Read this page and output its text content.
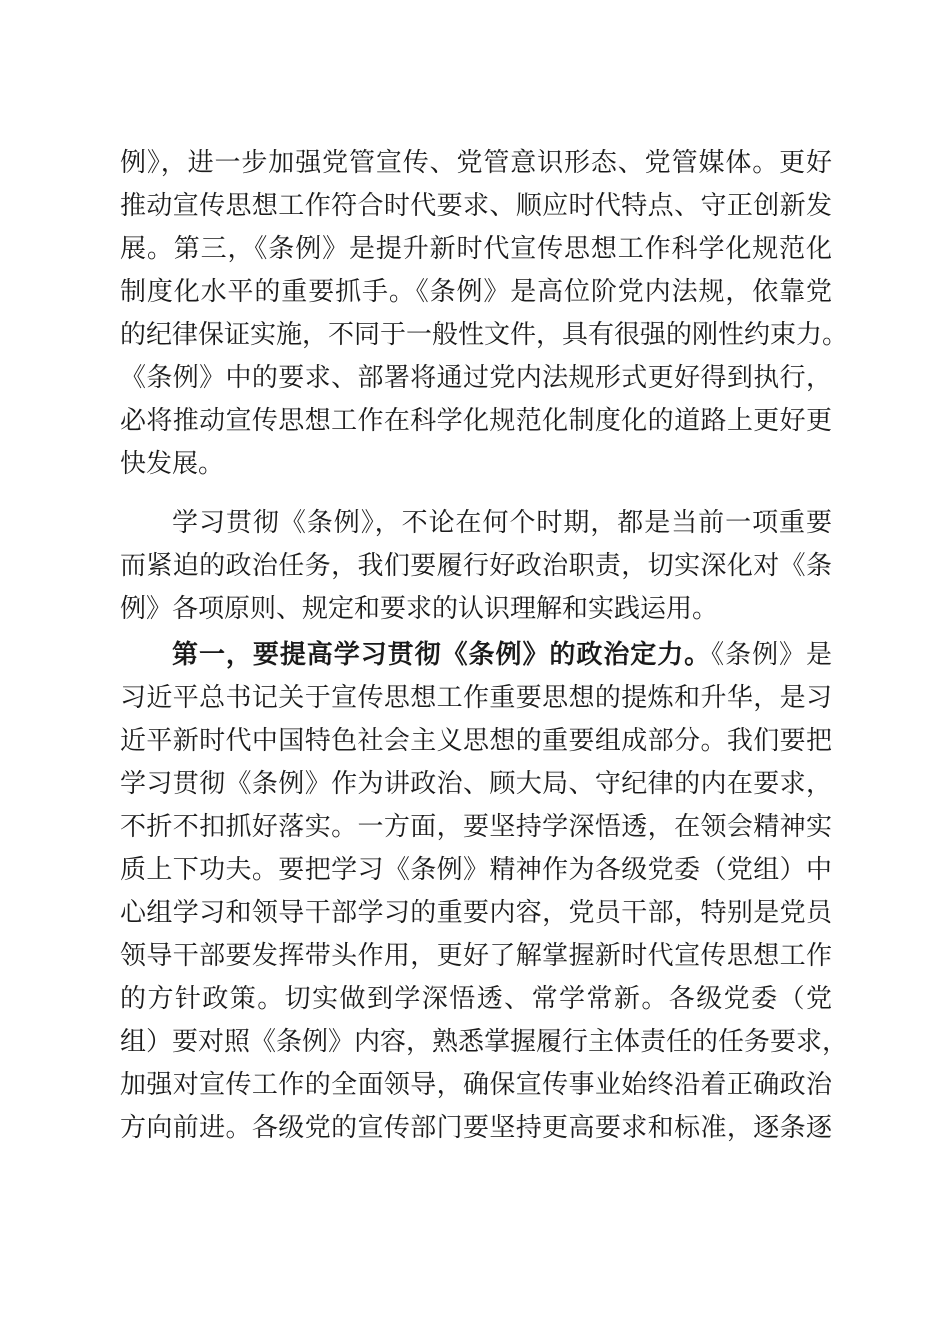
例》，进一步加强党管宣传、党管意识形态、党管媒体。更好
推动宣传思想工作符合时代要求、顺应时代特点、守正创新发
展。第三，《条例》是提升新时代宣传思想工作科学化规范化
制度化水平的重要抓手。《条例》是高位阶党内法规，依靠党
的纪律保证实施，不同于一般性文件，具有很强的刚性约束力。
《条例》中的要求、部署将通过党内法规形式更好得到执行，
必将推动宣传思想工作在科学化规范化制度化的道路上更好更
快发展。
学习贯彻《条例》，不论在何个时期，都是当前一项重要
而紧迫的政治任务，我们要履行好政治职责，切实深化对《条
例》各项原则、规定和要求的认识理解和实践运用。
第一，要提高学习贯彻《条例》的政治定力。《条例》是
习近平总书记关于宣传思想工作重要思想的提炼和升华，是习
近平新时代中国特色社会主义思想的重要组成部分。我们要把
学习贯彻《条例》作为讲政治、顾大局、守纪律的内在要求，
不折不扣抓好落实。一方面，要坚持学深悟透，在领会精神实
质上下功夫。要把学习《条例》精神作为各级党委（党组）中
心组学习和领导干部学习的重要内容，党员干部，特别是党员
领导干部要发挥带头作用，更好了解掌握新时代宣传思想工作
的方针政策。切实做到学深悟透、常学常新。各级党委（党
组）要对照《条例》内容，熟悉掌握履行主体责任的任务要求，
加强对宣传工作的全面领导，确保宣传事业始终沿着正确政治
方向前进。各级党的宣传部门要坚持更高要求和标准，逐条逐
